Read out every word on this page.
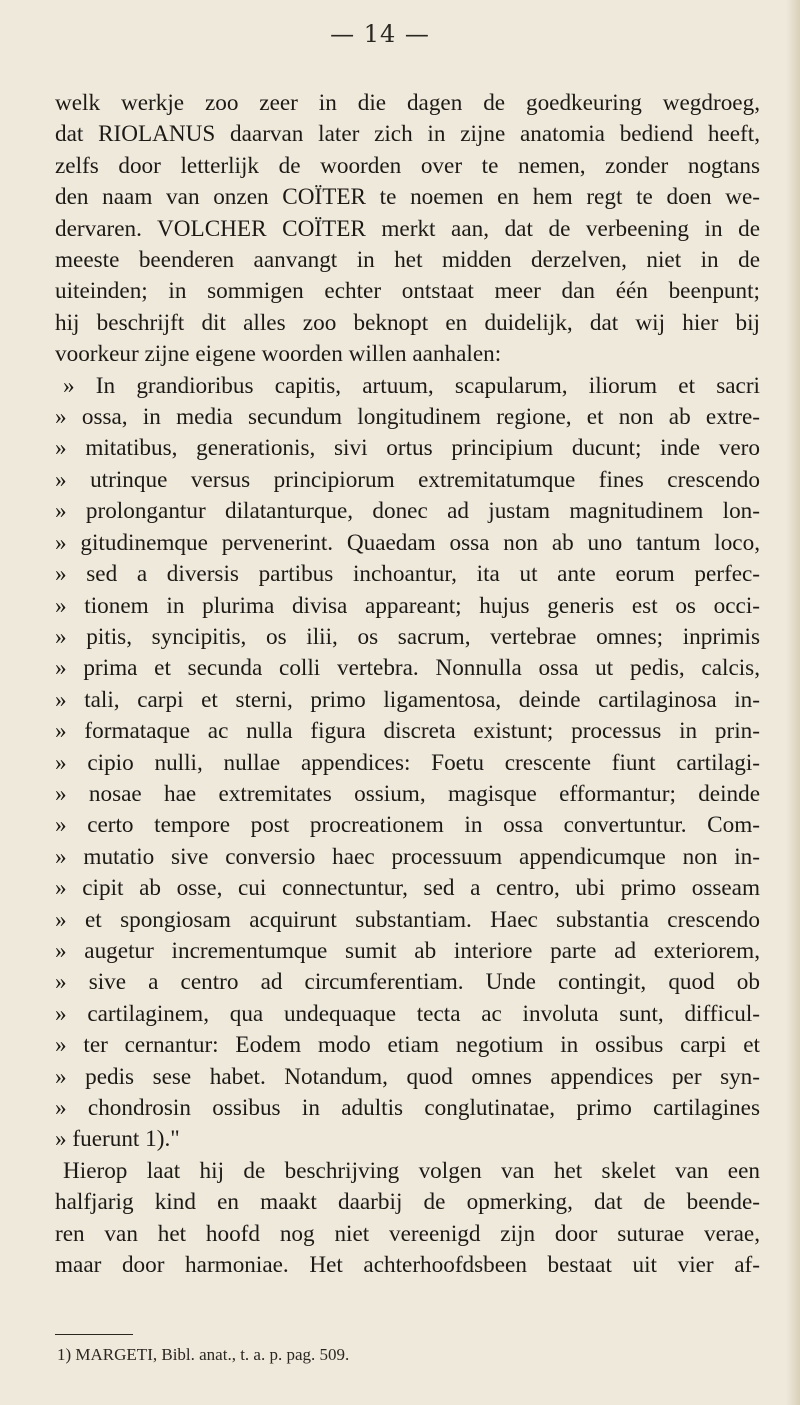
— 14 —
welk werkje zoo zeer in die dagen de goedkeuring wegdroeg,
dat RIOLANUS daarvan later zich in zijne anatomia bediend heeft,
zelfs door letterlijk de woorden over te nemen, zonder nogtans
den naam van onzen COÏTER te noemen en hem regt te doen we-
dervaren. VOLCHER COÏTER merkt aan, dat de verbeening in de
meeste beenderen aanvangt in het midden derzelven, niet in de
uiteinden; in sommigen echter ontstaat meer dan één beenpunt;
hij beschrijft dit alles zoo beknopt en duidelijk, dat wij hier bij
voorkeur zijne eigene woorden willen aanhalen:
» In grandioribus capitis, artuum, scapularum, iliorum et sacri
» ossa, in media secundum longitudinem regione, et non ab extre-
» mitatibus, generationis, sivi ortus principium ducunt; inde vero
» utrinque versus principiorum extremitatumque fines crescendo
» prolongantur dilatanturque, donec ad justam magnitudinem lon-
» gitudinemque pervenerint. Quaedam ossa non ab uno tantum loco,
» sed a diversis partibus inchoantur, ita ut ante eorum perfec-
» tionem in plurima divisa appareant; hujus generis est os occi-
» pitis, syncipitis, os ilii, os sacrum, vertebrae omnes; inprimis
» prima et secunda colli vertebra. Nonnulla ossa ut pedis, calcis,
» tali, carpi et sterni, primo ligamentosa, deinde cartilaginosa in-
» formataque ac nulla figura discreta existunt; processus in prin-
» cipio nulli, nullae appendices: Foetu crescente fiunt cartilagi-
» nosae hae extremitates ossium, magisque efformantur; deinde
» certo tempore post procreationem in ossa convertuntur. Com-
» mutatio sive conversio haec processuum appendicumque non in-
» cipit ab osse, cui connectuntur, sed a centro, ubi primo osseam
» et spongiosam acquirunt substantiam. Haec substantia crescendo
» augetur incrementumque sumit ab interiore parte ad exteriorem,
» sive a centro ad circumferentiam. Unde contingit, quod ob
» cartilaginem, qua undequaque tecta ac involuta sunt, difficul-
» ter cernantur: Eodem modo etiam negotium in ossibus carpi et
» pedis sese habet. Notandum, quod omnes appendices per syn-
» chondrosin ossibus in adultis conglutinatae, primo cartilagines
» fuerunt 1)."
Hierop laat hij de beschrijving volgen van het skelet van een
halfjarig kind en maakt daarbij de opmerking, dat de beende-
ren van het hoofd nog niet vereenigd zijn door suturae verae,
maar door harmoniae. Het achterhoofdsbeen bestaat uit vier af-
1) MARGETI, Bibl. anat., t. a. p. pag. 509.
